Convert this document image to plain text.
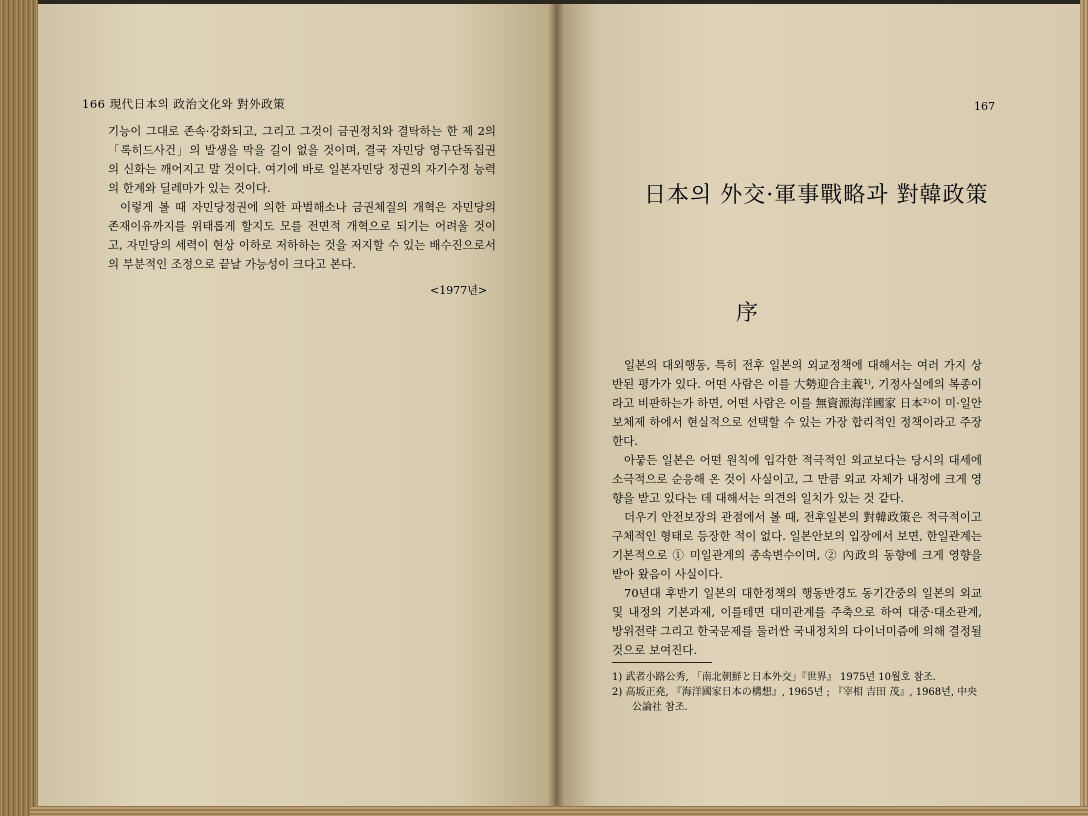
166 現代日本의 政治文化와 對外政策

기능이 그대로 존속·강화되고, 그리고 그것이 금권정치와 결탁하는 한 제 2의 「록히드사건」의 발생을 막을 길이 없을 것이며, 결국 자민당 영구단독집권의 신화는 깨어지고 말 것이다. 여기에 바로 일본자민당 정권의 자기수정 능력의 한계와 딜레마가 있는 것이다.

이렇게 볼 때 자민당정권에 의한 파벌해소나 금권체질의 개혁은 자민당의 존재이유까지를 위태롭게 할지도 모를 전면적 개혁으로 되기는 어려울 것이고, 자민당의 세력이 현상 이하로 저하하는 것을 저지할 수 있는 배수진으로서의 부분적인 조정으로 끝날 가능성이 크다고 본다.

<1977년>
167
日本의 外交·軍事戰略과 對韓政策
序

일본의 대외행동, 특히 전후 일본의 외교정책에 대해서는 여러 가지 상반된 평가가 있다. 어떤 사람은 이를 大勢迎合主義¹⁾, 기정사실에의 복종이라고 비판하는가 하면, 어떤 사람은 이를 無資源海洋國家 日本²⁾이 미·일안보체제 하에서 현실적으로 선택할 수 있는 가장 합리적인 정책이라고 주장한다.

아뭏든 일본은 어떤 원칙에 입각한 적극적인 외교보다는 당시의 대세에 소극적으로 순응해 온 것이 사실이고, 그 만큼 외교 자체가 내정에 크게 영향을 받고 있다는 데 대해서는 의견의 일치가 있는 것 같다.

더우기 안전보장의 관점에서 볼 때, 전후일본의 對韓政策은 적극적이고 구체적인 형태로 등장한 적이 없다. 일본안보의 입장에서 보면, 한일관계는 기본적으로 ① 미일관계의 종속변수이며, ② 內政의 동향에 크게 영향을 받아 왔음이 사실이다.

70년대 후반기 일본의 대한정책의 행동반경도 동기간중의 일본의 외교 및 내정의 기본과제, 이를테면 대미관계를 주축으로 하여 대중·대소관계, 방위전략 그리고 한국문제를 둘러싼 국내정치의 다이너미즘에 의해 결정될 것으로 보여진다.

1) 武者小路公秀, 「南北朝鮮と日本外交」『世界』 1975년 10월호 참조.

2) 高坂正堯, 『海洋國家日本の構想』, 1965년 ; 『宰相 吉田 茂』, 1968년, 中央公論社 참조.
